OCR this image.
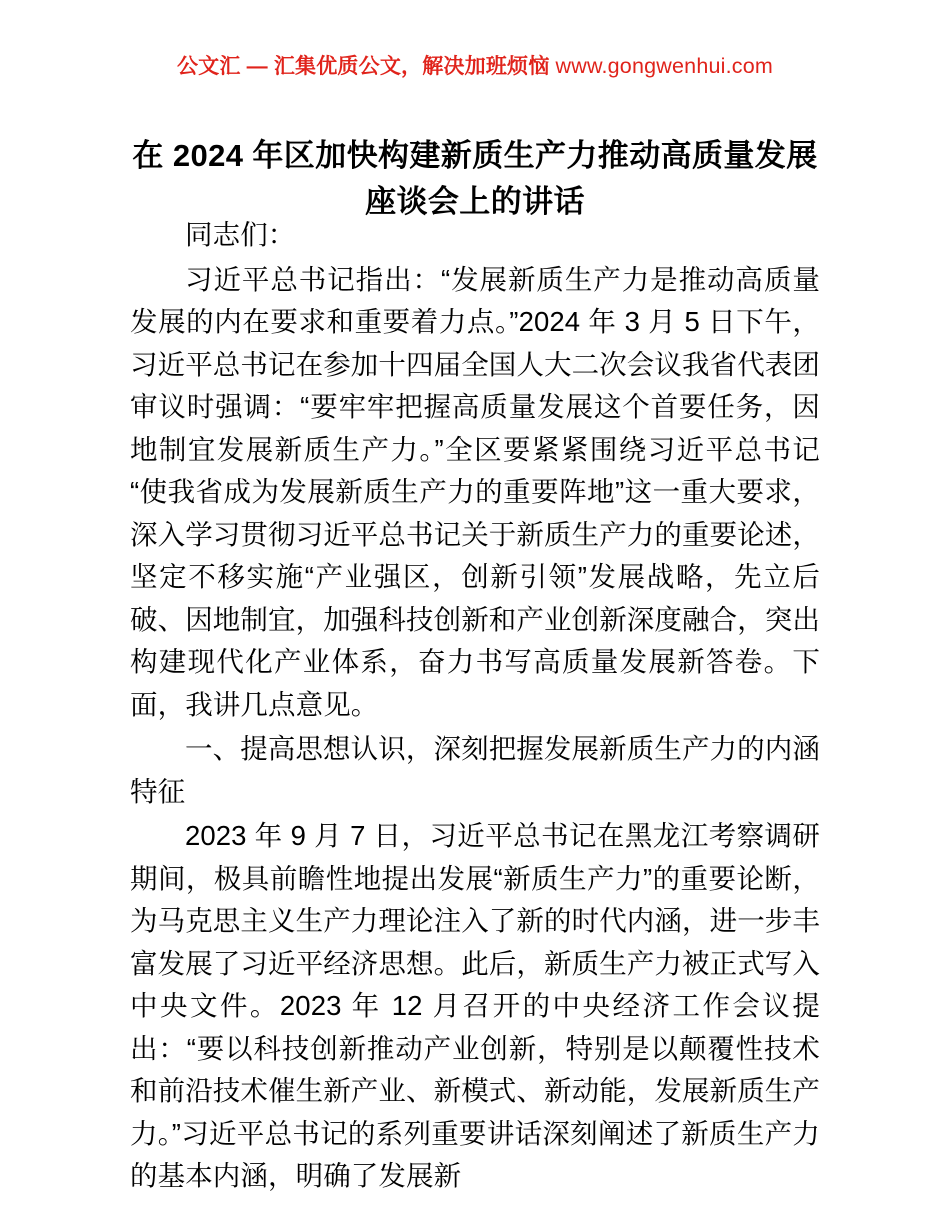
公文汇 — 汇集优质公文，解决加班烦恼 www.gongwenhui.com
在 2024 年区加快构建新质生产力推动高质量发展座谈会上的讲话

同志们：

习近平总书记指出：“发展新质生产力是推动高质量发展的内在要求和重要着力点。”2024 年 3 月 5 日下午，习近平总书记在参加十四届全国人大二次会议我省代表团审议时强调：“要牢牢把握高质量发展这个首要任务，因地制宜发展新质生产力。”全区要紧紧围绕习近平总书记“使我省成为发展新质生产力的重要阵地”这一重大要求，深入学习贯彻习近平总书记关于新质生产力的重要论述，坚定不移实施“产业强区，创新引领”发展战略，先立后破、因地制宜，加强科技创新和产业创新深度融合，突出构建现代化产业体系，奋力书写高质量发展新答卷。下面，我讲几点意见。

一、提高思想认识，深刻把握发展新质生产力的内涵特征

2023 年 9 月 7 日，习近平总书记在黑龙江考察调研期间，极具前瞻性地提出发展“新质生产力”的重要论断，为马克思主义生产力理论注入了新的时代内涵，进一步丰富发展了习近平经济思想。此后，新质生产力被正式写入中央文件。2023 年 12 月召开的中央经济工作会议提出：“要以科技创新推动产业创新，特别是以颠覆性技术和前沿技术催生新产业、新模式、新动能，发展新质生产力。”习近平总书记的系列重要讲话深刻阐述了新质生产力的基本内涵，明确了发展新
